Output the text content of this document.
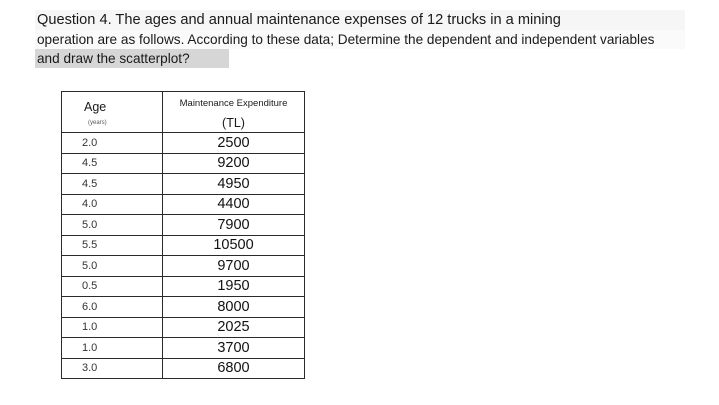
Question 4. The ages and annual maintenance expenses of 12 trucks in a mining
operation are as follows. According to these data; Determine the dependent and independent variables
and draw the scatterplot?
Age	Maintenance Expenditure
(years)	(TL)
2.0	2500
4.5	9200
4.5	4950
4.0	4400
5.0	7900
5.5	10500
5.0	9700
0.5	1950
6.0	8000
1.0	2025
1.0	3700
3.0	6800
